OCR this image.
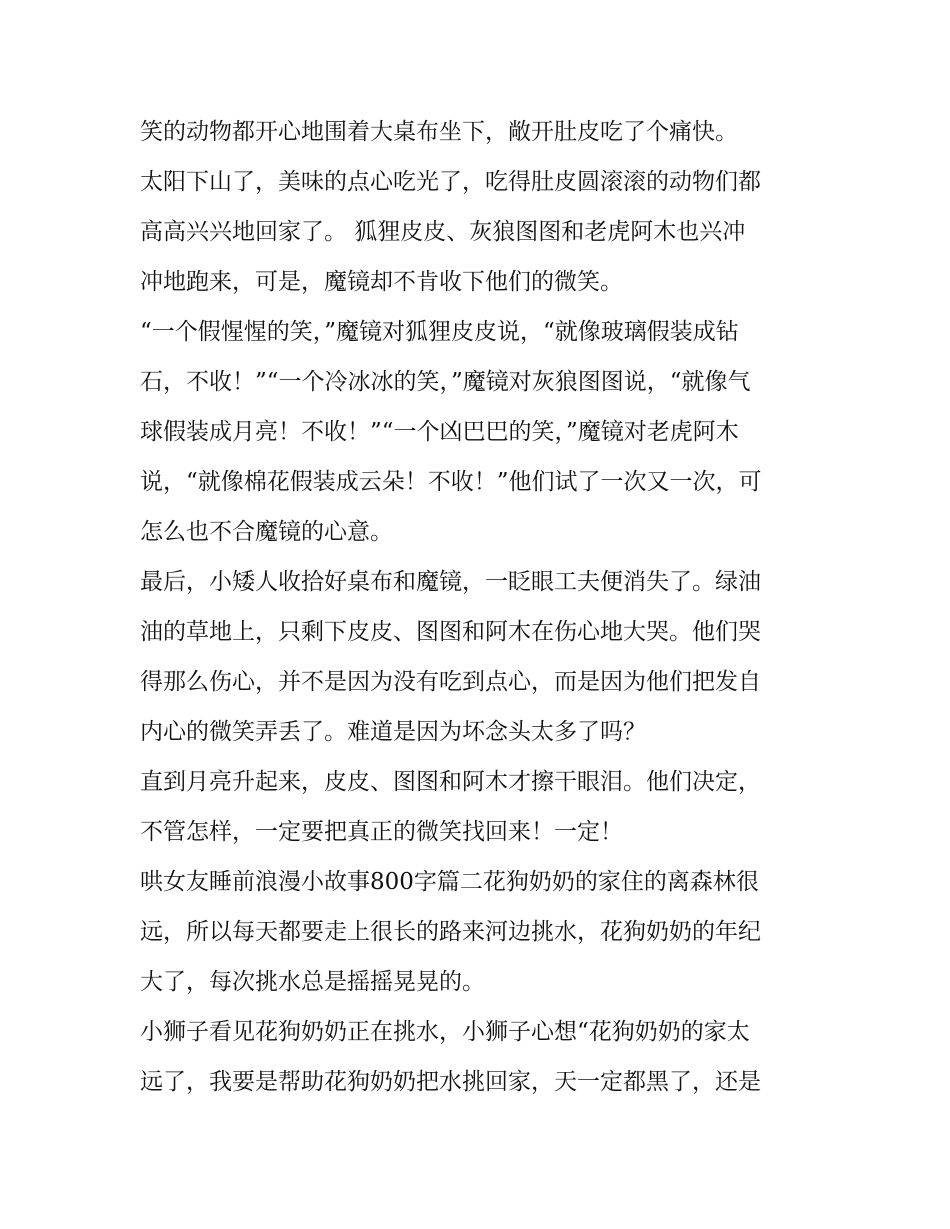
笑的动物都开心地围着大桌布坐下，敞开肚皮吃了个痛快。
太阳下山了，美味的点心吃光了，吃得肚皮圆滚滚的动物们都
高高兴兴地回家了。 狐狸皮皮、灰狼图图和老虎阿木也兴冲
冲地跑来，可是，魔镜却不肯收下他们的微笑。
“一个假惺惺的笑，”魔镜对狐狸皮皮说，“就像玻璃假装成钻
石，不收！”“一个冷冰冰的笑，”魔镜对灰狼图图说，“就像气
球假装成月亮！不收！”“一个凶巴巴的笑，”魔镜对老虎阿木
说，“就像棉花假装成云朵！不收！”他们试了一次又一次，可
怎么也不合魔镜的心意。
最后，小矮人收拾好桌布和魔镜，一眨眼工夫便消失了。绿油
油的草地上，只剩下皮皮、图图和阿木在伤心地大哭。他们哭
得那么伤心，并不是因为没有吃到点心，而是因为他们把发自
内心的微笑弄丢了。难道是因为坏念头太多了吗？
直到月亮升起来，皮皮、图图和阿木才擦干眼泪。他们决定，
不管怎样，一定要把真正的微笑找回来！一定！
哄女友睡前浪漫小故事800字篇二花狗奶奶的家住的离森林很
远，所以每天都要走上很长的路来河边挑水，花狗奶奶的年纪
大了，每次挑水总是摇摇晃晃的。
小狮子看见花狗奶奶正在挑水，小狮子心想“花狗奶奶的家太
远了，我要是帮助花狗奶奶把水挑回家，天一定都黑了，还是
